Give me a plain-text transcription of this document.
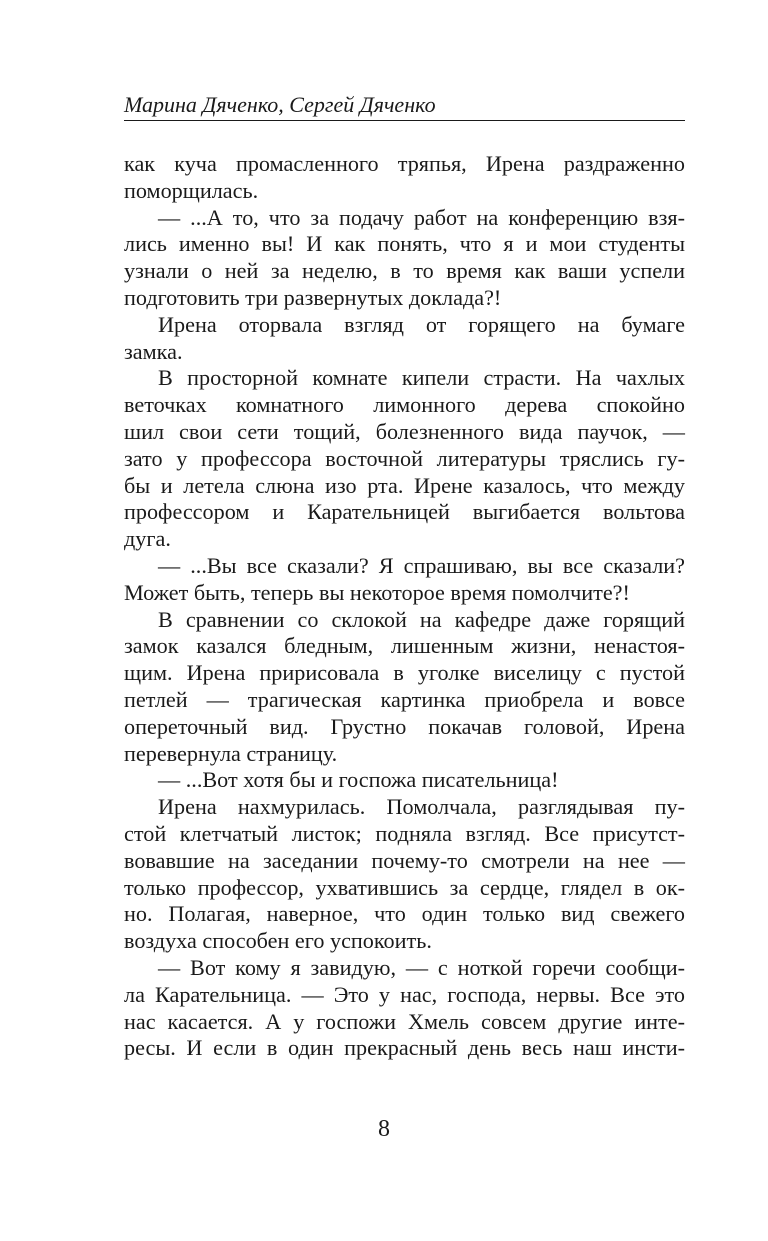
Марина Дяченко, Сергей Дяченко
как куча промасленного тряпья, Ирена раздраженно
поморщилась.
— ...А то, что за подачу работ на конференцию взя-
лись именно вы! И как понять, что я и мои студенты
узнали о ней за неделю, в то время как ваши успели
подготовить три развернутых доклада?!
Ирена оторвала взгляд от горящего на бумаге
замка.
В просторной комнате кипели страсти. На чахлых
веточках комнатного лимонного дерева спокойно
шил свои сети тощий, болезненного вида паучок, —
зато у профессора восточной литературы тряслись гу-
бы и летела слюна изо рта. Ирене казалось, что между
профессором и Карательницей выгибается вольтова
дуга.
— ...Вы все сказали? Я спрашиваю, вы все сказали?
Может быть, теперь вы некоторое время помолчите?!
В сравнении со склокой на кафедре даже горящий
замок казался бледным, лишенным жизни, ненастоя-
щим. Ирена пририсовала в уголке виселицу с пустой
петлей — трагическая картинка приобрела и вовсе
опереточный вид. Грустно покачав головой, Ирена
перевернула страницу.
— ...Вот хотя бы и госпожа писательница!
Ирена нахмурилась. Помолчала, разглядывая пу-
стой клетчатый листок; подняла взгляд. Все присутст-
вовавшие на заседании почему-то смотрели на нее —
только профессор, ухватившись за сердце, глядел в ок-
но. Полагая, наверное, что один только вид свежего
воздуха способен его успокоить.
— Вот кому я завидую, — с ноткой горечи сообщи-
ла Карательница. — Это у нас, господа, нервы. Все это
нас касается. А у госпожи Хмель совсем другие инте-
ресы. И если в один прекрасный день весь наш инсти-
8
